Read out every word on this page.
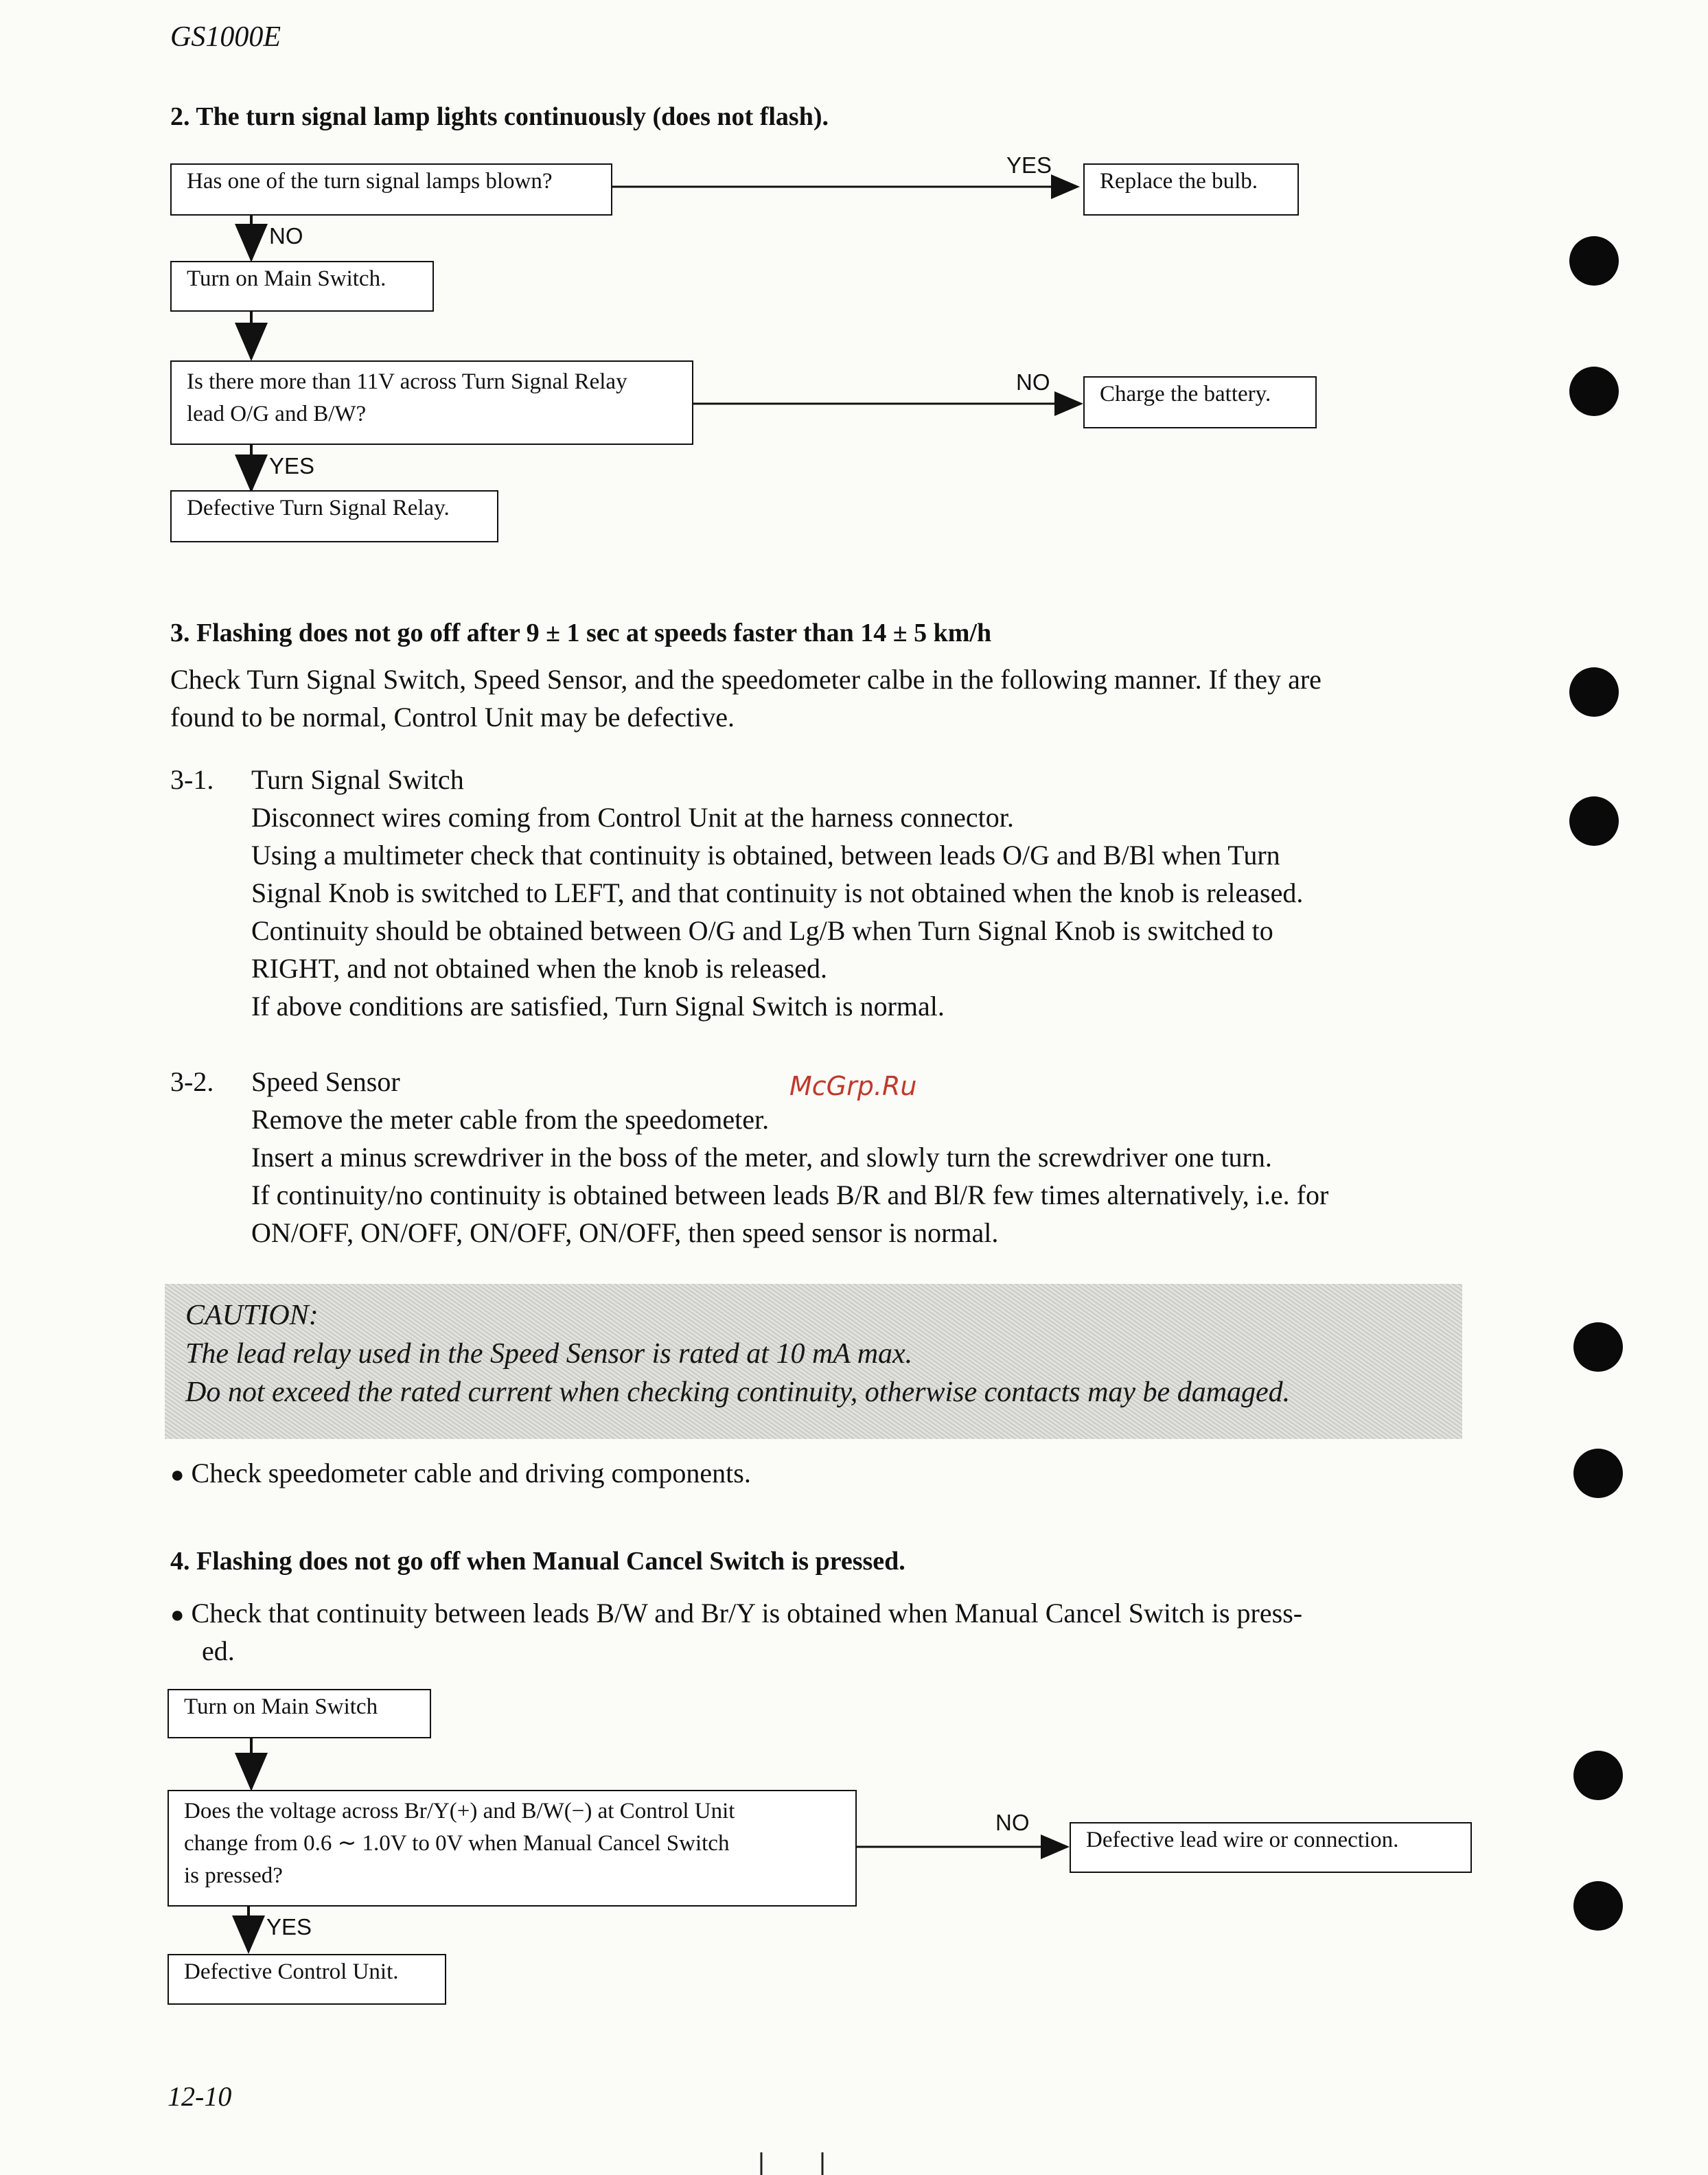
GS1000E
2. The turn signal lamp lights continuously (does not flash).
Has one of the turn signal lamps blown?
YES
Replace the bulb.
NO
Turn on Main Switch.
Is there more than 11V across Turn Signal Relay
lead O/G and B/W?
NO	Charge the battery.
YES
Defective Turn Signal Relay.
3. Flashing does not go off after 9 ± 1 sec at speeds faster than 14 ± 5 km/h
Check Turn Signal Switch, Speed Sensor, and the speedometer calbe in the following manner. If they are
found to be normal, Control Unit may be defective.
3-1. Turn Signal Switch
Disconnect wires coming from Control Unit at the harness connector.
Using a multimeter check that continuity is obtained, between leads O/G and B/Bl when Turn
Signal Knob is switched to LEFT, and that continuity is not obtained when the knob is released.
Continuity should be obtained between O/G and Lg/B when Turn Signal Knob is switched to
RIGHT, and not obtained when the knob is released.
If above conditions are satisfied, Turn Signal Switch is normal.
3-2. Speed Sensor
Remove the meter cable from the speedometer.
Insert a minus screwdriver in the boss of the meter, and slowly turn the screwdriver one turn.
If continuity/no continuity is obtained between leads B/R and Bl/R few times alternatively, i.e. for
ON/OFF, ON/OFF, ON/OFF, ON/OFF, then speed sensor is normal.
McGrp.Ru
CAUTION:
The lead relay used in the Speed Sensor is rated at 10 mA max.
Do not exceed the rated current when checking continuity, otherwise contacts may be damaged.
● Check speedometer cable and driving components.
4. Flashing does not go off when Manual Cancel Switch is pressed.
● Check that continuity between leads B/W and Br/Y is obtained when Manual Cancel Switch is press-
ed.
Turn on Main Switch
Does the voltage across Br/Y(+) and B/W(−) at Control Unit
change from 0.6 ∼ 1.0V to 0V when Manual Cancel Switch
is pressed?
NO
Defective lead wire or connection.
YES
Defective Control Unit.
12-10
